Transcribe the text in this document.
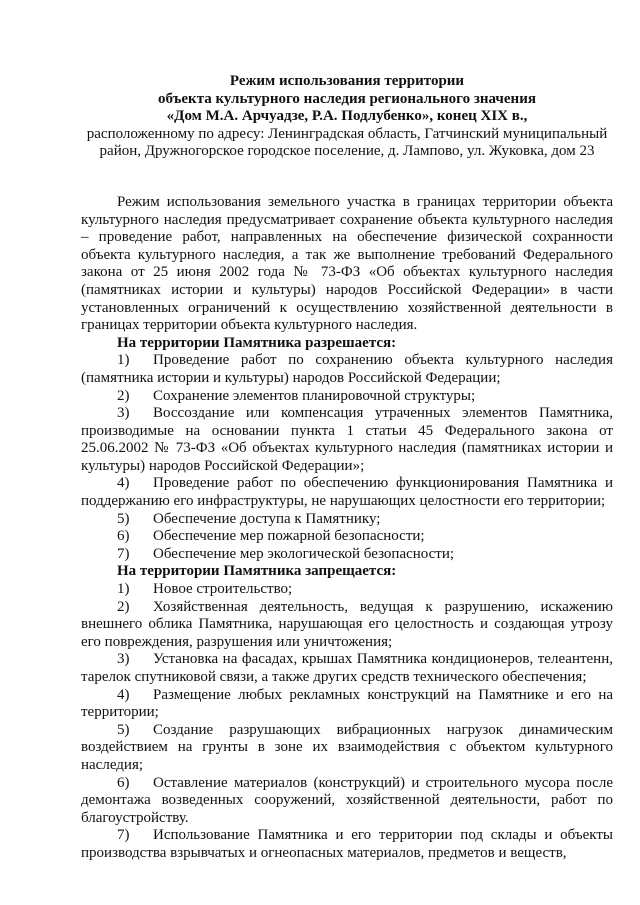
Режим использования территории

объекта культурного наследия регионального значения

«Дом М.А. Арчуадзе, Р.А. Подлубенко», конец XIX в.,

расположенному по адресу: Ленинградская область, Гатчинский муниципальный

район, Дружногорское городское поселение, д. Лампово, ул. Жуковка, дом 23

Режим использования земельного участка в границах территории объекта культурного наследия предусматривает сохранение объекта культурного наследия – проведение работ, направленных на обеспечение физической сохранности объекта культурного наследия, а так же выполнение требований Федерального закона от 25 июня 2002 года № 73-ФЗ «Об объектах культурного наследия (памятниках истории и культуры) народов Российской Федерации» в части установленных ограничений к осуществлению хозяйственной деятельности в границах территории объекта культурного наследия.

На территории Памятника разрешается:

1) Проведение работ по сохранению объекта культурного наследия (памятника истории и культуры) народов Российской Федерации;

2) Сохранение элементов планировочной структуры;

3) Воссоздание или компенсация утраченных элементов Памятника, производимые на основании пункта 1 статьи 45 Федерального закона от 25.06.2002 № 73-ФЗ «Об объектах культурного наследия (памятниках истории и культуры) народов Российской Федерации»;

4) Проведение работ по обеспечению функционирования Памятника и поддержанию его инфраструктуры, не нарушающих целостности его территории;

5) Обеспечение доступа к Памятнику;

6) Обеспечение мер пожарной безопасности;

7) Обеспечение мер экологической безопасности;

На территории Памятника запрещается:

1) Новое строительство;

2) Хозяйственная деятельность, ведущая к разрушению, искажению внешнего облика Памятника, нарушающая его целостность и создающая утрозу его повреждения, разрушения или уничтожения;

3) Установка на фасадах, крышах Памятника кондиционеров, телеантенн, тарелок спутниковой связи, а также других средств технического обеспечения;

4) Размещение любых рекламных конструкций на Памятнике и его на территории;

5) Создание разрушающих вибрационных нагрузок динамическим воздействием на грунты в зоне их взаимодействия с объектом культурного наследия;

6) Оставление материалов (конструкций) и строительного мусора после демонтажа возведенных сооружений, хозяйственной деятельности, работ по благоустройству.

7) Использование Памятника и его территории под склады и объекты производства взрывчатых и огнеопасных материалов, предметов и веществ,
